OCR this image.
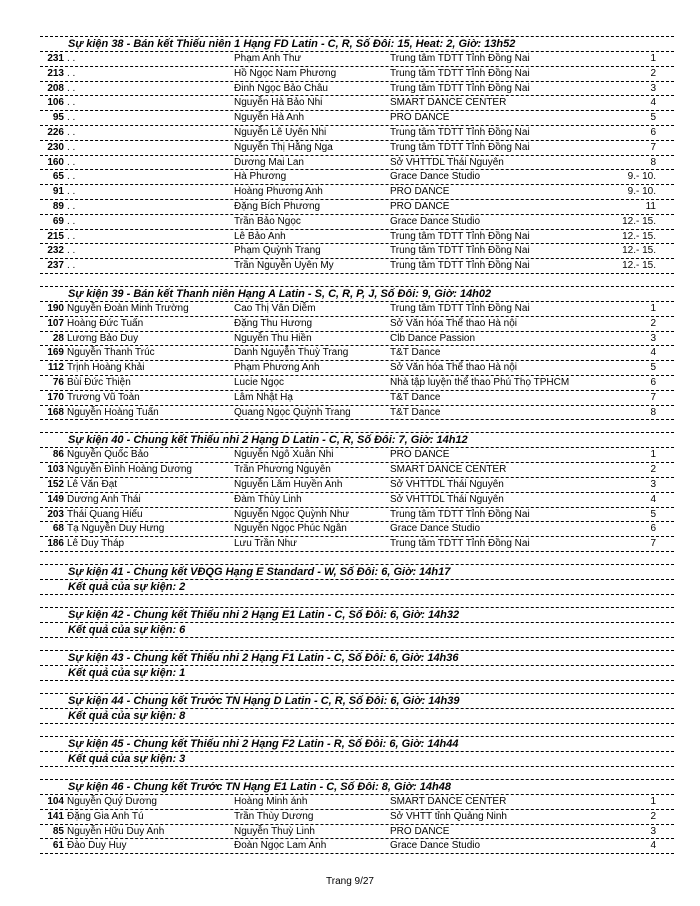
Sự kiện 38 - Bán kết Thiếu niên 1 Hạng FD Latin - C, R, Số Đôi: 15, Heat: 2, Giờ: 13h52
231 . .	Phạm Anh Thư	Trung tâm TDTT Tỉnh Đồng Nai	1
213 . .	Hồ Ngọc Nam Phương	Trung tâm TDTT Tỉnh Đồng Nai	2
208 . .	Đinh Ngọc Bảo Châu	Trung tâm TDTT Tỉnh Đồng Nai	3
106 . .	Nguyễn Hà Bảo Nhi	SMART DANCE CENTER	4
95 . .	Nguyễn Hà Anh	PRO DANCE	5
226 . .	Nguyễn Lê Uyên Nhi	Trung tâm TDTT Tỉnh Đồng Nai	6
230 . .	Nguyễn Thị Hằng Nga	Trung tâm TDTT Tỉnh Đồng Nai	7
160 . .	Dương Mai Lan	Sở VHTTDL Thái Nguyên	8
65 . .	Hà Phương	Grace Dance Studio	9.- 10.
91 . .	Hoàng Phương Anh	PRO DANCE	9.- 10.
89 . .	Đặng Bích Phương	PRO DANCE	11
69 . .	Trần Bảo Ngọc	Grace Dance Studio	12.- 15.
215 . .	Lê Bảo Anh	Trung tâm TDTT Tỉnh Đồng Nai	12.- 15.
232 . .	Phạm Quỳnh Trang	Trung tâm TDTT Tỉnh Đồng Nai	12.- 15.
237 . .	Trần Nguyễn Uyên My	Trung tâm TDTT Tỉnh Đồng Nai	12.- 15.
Sự kiện 39 - Bán kết Thanh niên Hạng A Latin - S, C, R, P, J, Số Đôi: 9, Giờ: 14h02
190 Nguyễn Đoàn Minh Trường	Cao Thị Vân Diễm	Trung tâm TDTT Tỉnh Đồng Nai	1
107 Hoàng Đức Tuấn	Đặng Thu Hương	Sở Văn hóa Thể thao Hà nội	2
28 Lương Bảo Duy	Nguyễn Thu Hiền	Clb Dance Passion	3
169 Nguyễn Thanh Trúc	Danh Nguyễn Thuỳ Trang	T&T Dance	4
112 Trịnh Hoàng Khải	Phạm Phương Anh	Sở Văn hóa Thể thao Hà nội	5
76 Bùi Đức Thiện	Lucie Ngọc	Nhà tập luyện thể thao Phú Thọ TPHCM	6
170 Trương Vũ Toàn	Lâm Nhật Hạ	T&T Dance	7
168 Nguyễn Hoàng Tuấn	Quang Ngọc Quỳnh Trang	T&T Dance	8
Sự kiện 40 - Chung kết Thiếu nhi 2 Hạng D Latin - C, R, Số Đôi: 7, Giờ: 14h12
86 Nguyễn Quốc Bảo	Nguyễn Ngô Xuân Nhi	PRO DANCE	1
103 Nguyễn Đình Hoàng Dương	Trần Phương Nguyên	SMART DANCE CENTER	2
152 Lê Văn Đạt	Nguyễn Lâm Huyền Anh	Sở VHTTDL Thái Nguyên	3
149 Dương Anh Thái	Đàm Thùy Linh	Sở VHTTDL Thái Nguyên	4
203 Thái Quang Hiếu	Nguyễn Ngọc Quỳnh Như	Trung tâm TDTT Tỉnh Đồng Nai	5
68 Tạ Nguyễn Duy Hưng	Nguyễn Ngọc Phúc Ngân	Grace Dance Studio	6
186 Lê Duy Tháp	Lưu Trần Như	Trung tâm TDTT Tỉnh Đồng Nai	7
Sự kiện 41 - Chung kết VĐQG Hạng E Standard - W, Số Đôi: 6, Giờ: 14h17
Kết quả của sự kiện: 2
Sự kiện 42 - Chung kết Thiếu nhi 2 Hạng E1 Latin - C, Số Đôi: 6, Giờ: 14h32
Kết quả của sự kiện: 6
Sự kiện 43 - Chung kết Thiếu nhi 2 Hạng F1 Latin - C, Số Đôi: 6, Giờ: 14h36
Kết quả của sự kiện: 1
Sự kiện 44 - Chung kết Trước TN Hạng D Latin - C, R, Số Đôi: 6, Giờ: 14h39
Kết quả của sự kiện: 8
Sự kiện 45 - Chung kết Thiếu nhi 2 Hạng F2 Latin - R, Số Đôi: 6, Giờ: 14h44
Kết quả của sự kiện: 3
Sự kiện 46 - Chung kết Trước TN Hạng E1 Latin - C, Số Đôi: 8, Giờ: 14h48
104 Nguyễn Quý Dương	Hoàng Minh ánh	SMART DANCE CENTER	1
141 Đặng Gia Anh Tú	Trần Thùy Dương	Sở VHTT tỉnh Quảng Ninh	2
85 Nguyễn Hữu Duy Anh	Nguyễn Thuỳ Linh	PRO DANCE	3
61 Đào Duy Huy	Đoàn Ngọc Lam Anh	Grace Dance Studio	4
Trang 9/27
